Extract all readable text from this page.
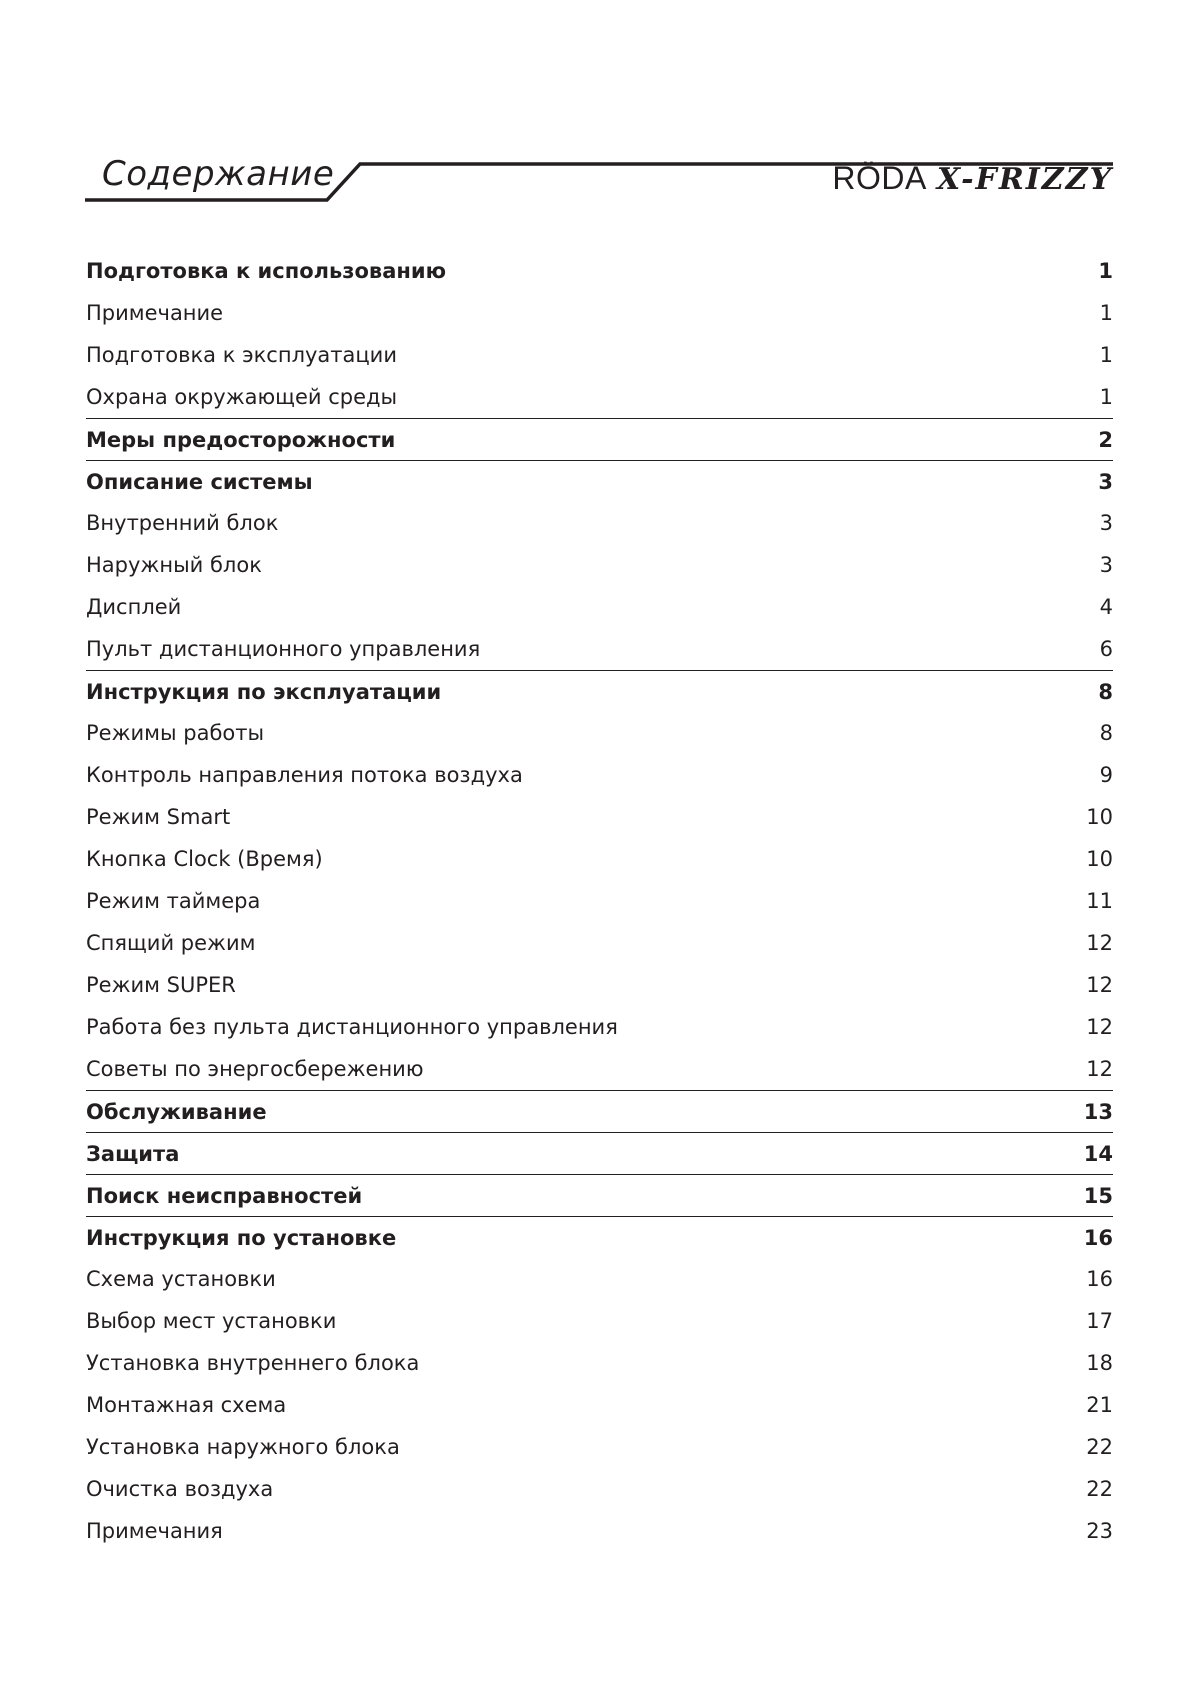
Содержание	RÖDA X-FRIZZY
Подготовка к использованию	1
Примечание	1
Подготовка к эксплуатации	1
Охрана окружающей среды	1
Меры предосторожности	2
Описание системы	3
Внутренний блок	3
Наружный блок	3
Дисплей	4
Пульт дистанционного управления	6
Инструкция по эксплуатации	8
Режимы работы	8
Контроль направления потока воздуха	9
Режим Smart	10
Кнопка Clock (Время)	10
Режим таймера	11
Спящий режим	12
Режим SUPER	12
Работа без пульта дистанционного управления	12
Советы по энергосбережению	12
Обслуживание	13
Защита	14
Поиск неисправностей	15
Инструкция по установке	16
Схема установки	16
Выбор мест установки	17
Установка внутреннего блока	18
Монтажная схема	21
Установка наружного блока	22
Очистка воздуха	22
Примечания	23
